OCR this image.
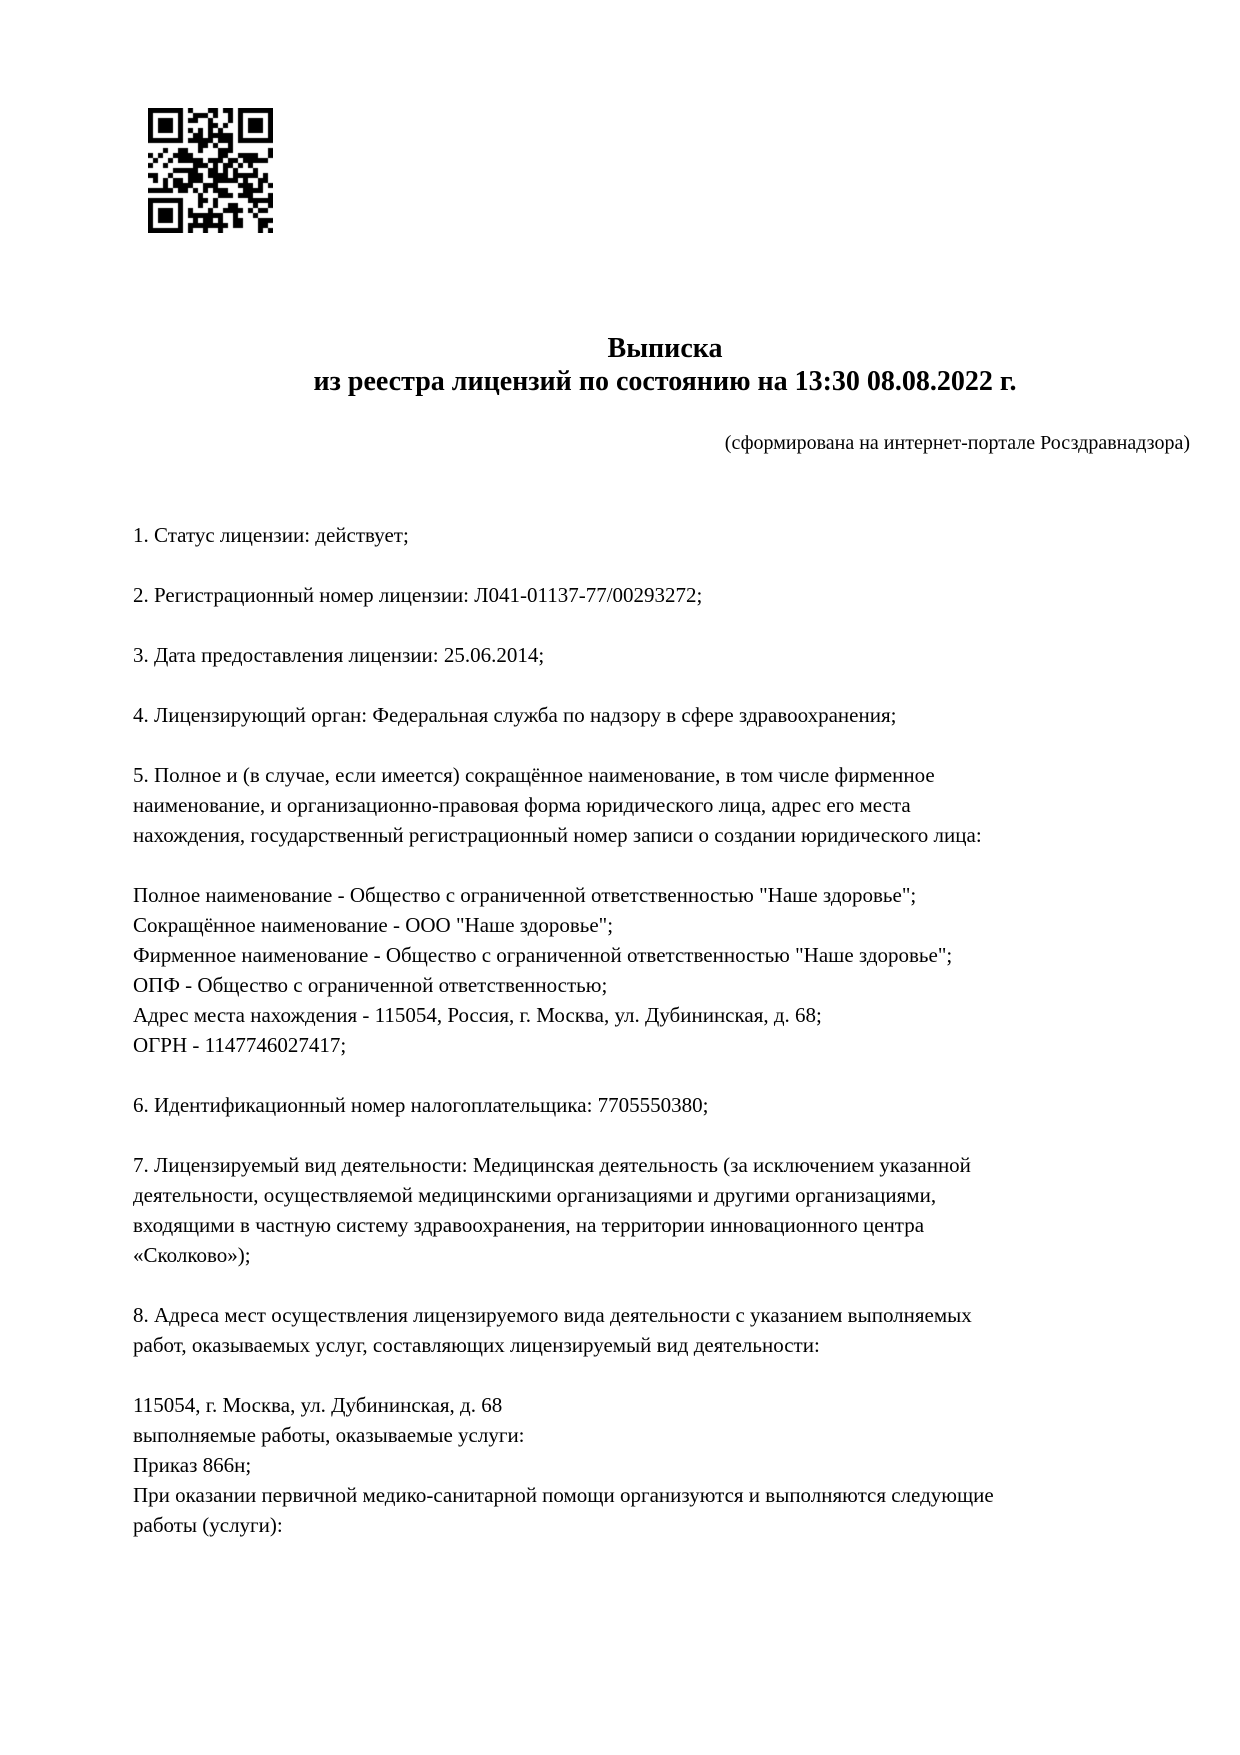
Выписка
из реестра лицензий по состоянию на 13:30 08.08.2022 г.
(сформирована на интернет-портале Росздравнадзора)

1. Статус лицензии: действует;

2. Регистрационный номер лицензии: Л041-01137-77/00293272;

3. Дата предоставления лицензии: 25.06.2014;

4. Лицензирующий орган: Федеральная служба по надзору в сфере здравоохранения;

5. Полное и (в случае, если имеется) сокращённое наименование, в том числе фирменное
наименование, и организационно-правовая форма юридического лица, адрес его места
нахождения, государственный регистрационный номер записи о создании юридического лица:

Полное наименование - Общество с ограниченной ответственностью "Наше здоровье";
Сокращённое наименование - ООО "Наше здоровье";
Фирменное наименование - Общество с ограниченной ответственностью "Наше здоровье";
ОПФ - Общество с ограниченной ответственностью;
Адрес места нахождения - 115054, Россия, г. Москва, ул. Дубининская, д. 68;
ОГРН - 1147746027417;

6. Идентификационный номер налогоплательщика: 7705550380;

7. Лицензируемый вид деятельности: Медицинская деятельность (за исключением указанной
деятельности, осуществляемой медицинскими организациями и другими организациями,
входящими в частную систему здравоохранения, на территории инновационного центра
«Сколково»);

8. Адреса мест осуществления лицензируемого вида деятельности с указанием выполняемых
работ, оказываемых услуг, составляющих лицензируемый вид деятельности:

115054, г. Москва, ул. Дубининская, д. 68
выполняемые работы, оказываемые услуги:
Приказ 866н;
При оказании первичной медико-санитарной помощи организуются и выполняются следующие
работы (услуги):
